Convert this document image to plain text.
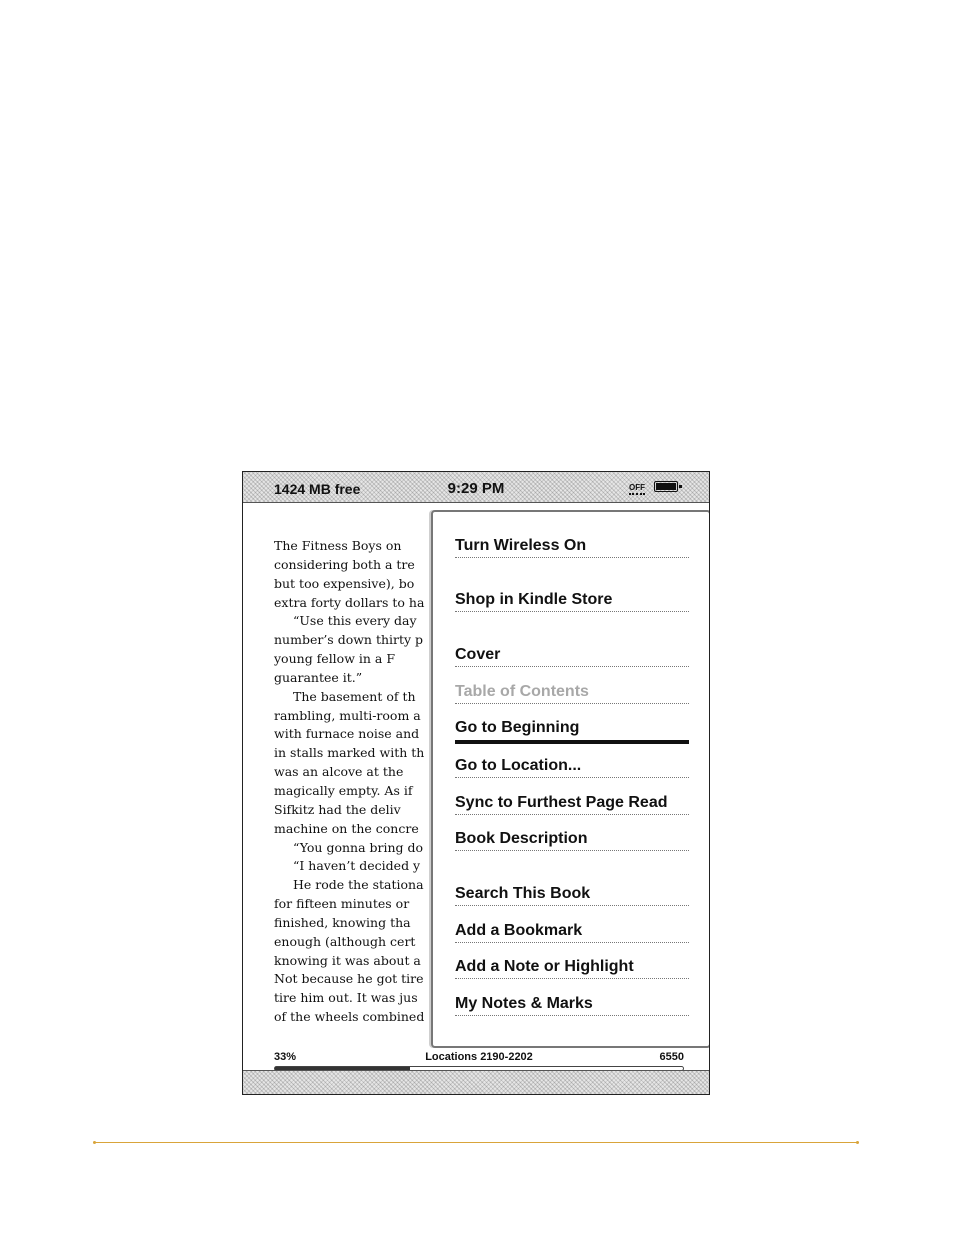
1424 MB free	9:29 PM	OFF
The Fitness Boys on
considering both a tre
but too expensive), bo
extra forty dollars to ha
“Use this every day
number’s down thirty p
young fellow in a F
guarantee it.”
The basement of th
rambling, multi-room a
with furnace noise and
in stalls marked with th
was an alcove at the
magically empty. As if
Sifkitz had the deliv
machine on the concre
“You gonna bring do
“I haven’t decided y
He rode the stationa
for fifteen minutes or
finished, knowing tha
enough (although cert
knowing it was about a
Not because he got tire
tire him out. It was jus
of the wheels combined
Turn Wireless On
Shop in Kindle Store
Cover
Table of Contents
Go to Beginning
Go to Location...
Sync to Furthest Page Read
Book Description
Search This Book
Add a Bookmark
Add a Note or Highlight
My Notes & Marks
33%	Locations 2190-2202	6550
